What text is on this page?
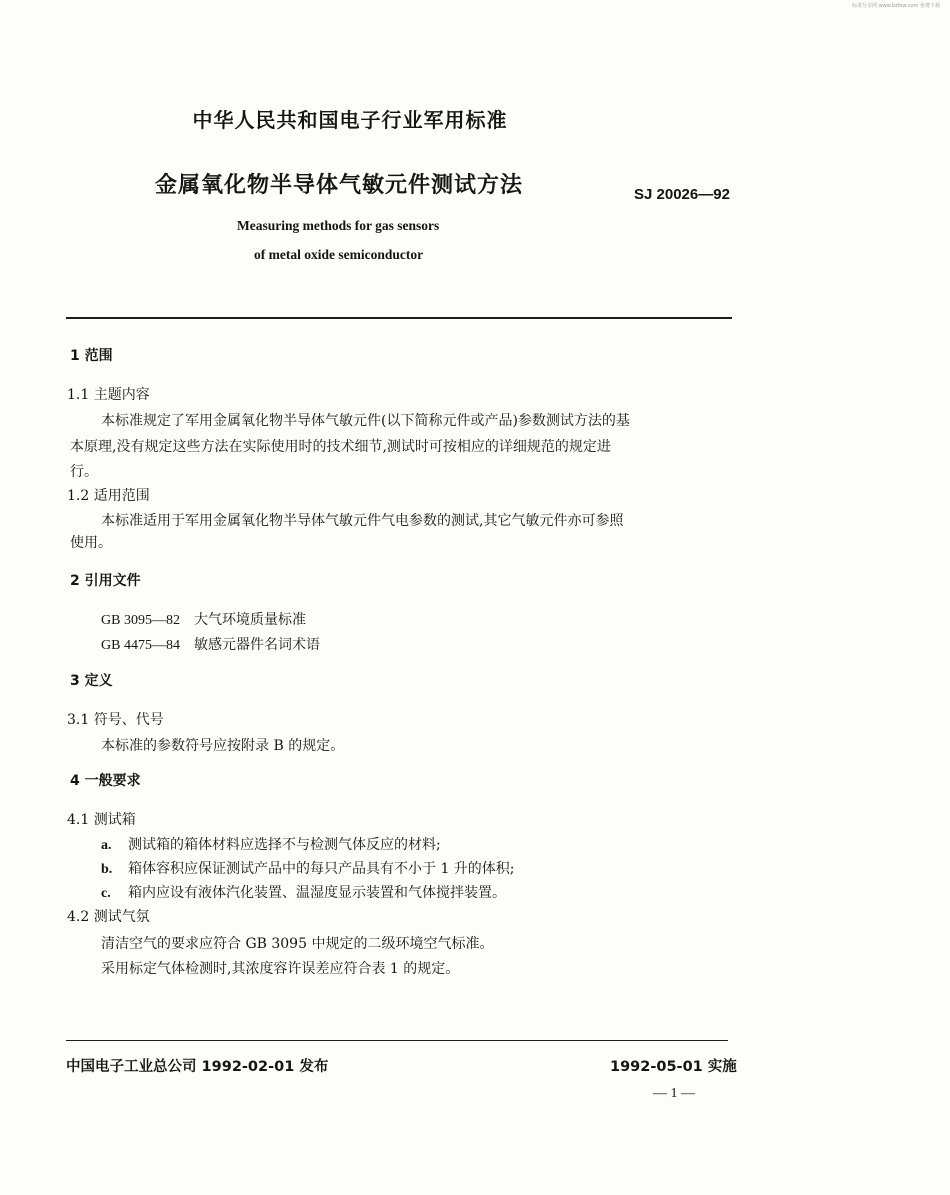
标准分享网 www.bzfxw.com 免费下载
中华人民共和国电子行业军用标准
金属氧化物半导体气敏元件测试方法	SJ 20026—92
Measuring methods for gas sensors
of metal oxide semiconductor
1 范围
1.1 主题内容
本标准规定了军用金属氧化物半导体气敏元件(以下简称元件或产品)参数测试方法的基
本原理,没有规定这些方法在实际使用时的技术细节,测试时可按相应的详细规范的规定进
行。
1.2 适用范围
本标准适用于军用金属氧化物半导体气敏元件气电参数的测试,其它气敏元件亦可参照
使用。
2 引用文件
GB 3095—82 大气环境质量标准
GB 4475—84 敏感元器件名词术语
3 定义
3.1 符号、代号
本标准的参数符号应按附录 B 的规定。
4 一般要求
4.1 测试箱
a. 测试箱的箱体材料应选择不与检测气体反应的材料;
b. 箱体容积应保证测试产品中的每只产品具有不小于 1 升的体积;
c. 箱内应设有液体汽化装置、温湿度显示装置和气体搅拌装置。
4.2 测试气氛
清洁空气的要求应符合 GB 3095 中规定的二级环境空气标准。
采用标定气体检测时,其浓度容许误差应符合表 1 的规定。
中国电子工业总公司 1992-02-01 发布	1992-05-01 实施
— 1 —
